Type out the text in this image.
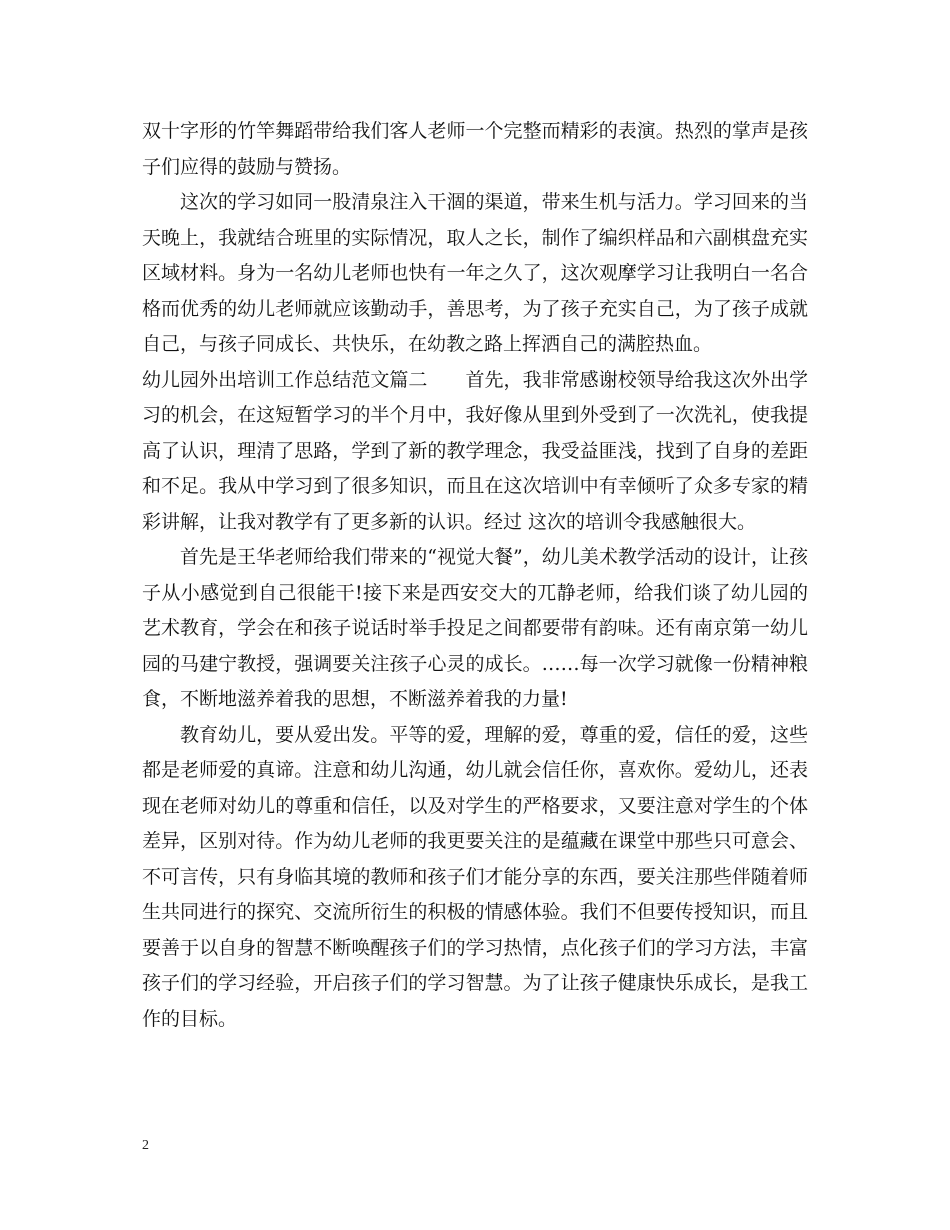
双十字形的竹竿舞蹈带给我们客人老师一个完整而精彩的表演。热烈的掌声是孩子们应得的鼓励与赞扬。

这次的学习如同一股清泉注入干涸的渠道，带来生机与活力。学习回来的当天晚上，我就结合班里的实际情况，取人之长，制作了编织样品和六副棋盘充实区域材料。身为一名幼儿老师也快有一年之久了，这次观摩学习让我明白一名合格而优秀的幼儿老师就应该勤动手，善思考，为了孩子充实自己，为了孩子成就自己，与孩子同成长、共快乐，在幼教之路上挥洒自己的满腔热血。

幼儿园外出培训工作总结范文篇二 首先，我非常感谢校领导给我这次外出学习的机会，在这短暂学习的半个月中，我好像从里到外受到了一次洗礼，使我提高了认识，理清了思路，学到了新的教学理念，我受益匪浅，找到了自身的差距和不足。我从中学习到了很多知识，而且在这次培训中有幸倾听了众多专家的精彩讲解，让我对教学有了更多新的认识。经过 这次的培训令我感触很大。

首先是王华老师给我们带来的“视觉大餐”，幼儿美术教学活动的设计，让孩子从小感觉到自己很能干!接下来是西安交大的兀静老师，给我们谈了幼儿园的艺术教育，学会在和孩子说话时举手投足之间都要带有韵味。还有南京第一幼儿园的马建宁教授，强调要关注孩子心灵的成长。……每一次学习就像一份精神粮食，不断地滋养着我的思想，不断滋养着我的力量!

教育幼儿，要从爱出发。平等的爱，理解的爱，尊重的爱，信任的爱，这些都是老师爱的真谛。注意和幼儿沟通，幼儿就会信任你，喜欢你。爱幼儿，还表现在老师对幼儿的尊重和信任，以及对学生的严格要求，又要注意对学生的个体差异，区别对待。作为幼儿老师的我更要关注的是蕴藏在课堂中那些只可意会、不可言传，只有身临其境的教师和孩子们才能分享的东西，要关注那些伴随着师生共同进行的探究、交流所衍生的积极的情感体验。我们不但要传授知识，而且要善于以自身的智慧不断唤醒孩子们的学习热情，点化孩子们的学习方法，丰富孩子们的学习经验，开启孩子们的学习智慧。为了让孩子健康快乐成长，是我工作的目标。

2
